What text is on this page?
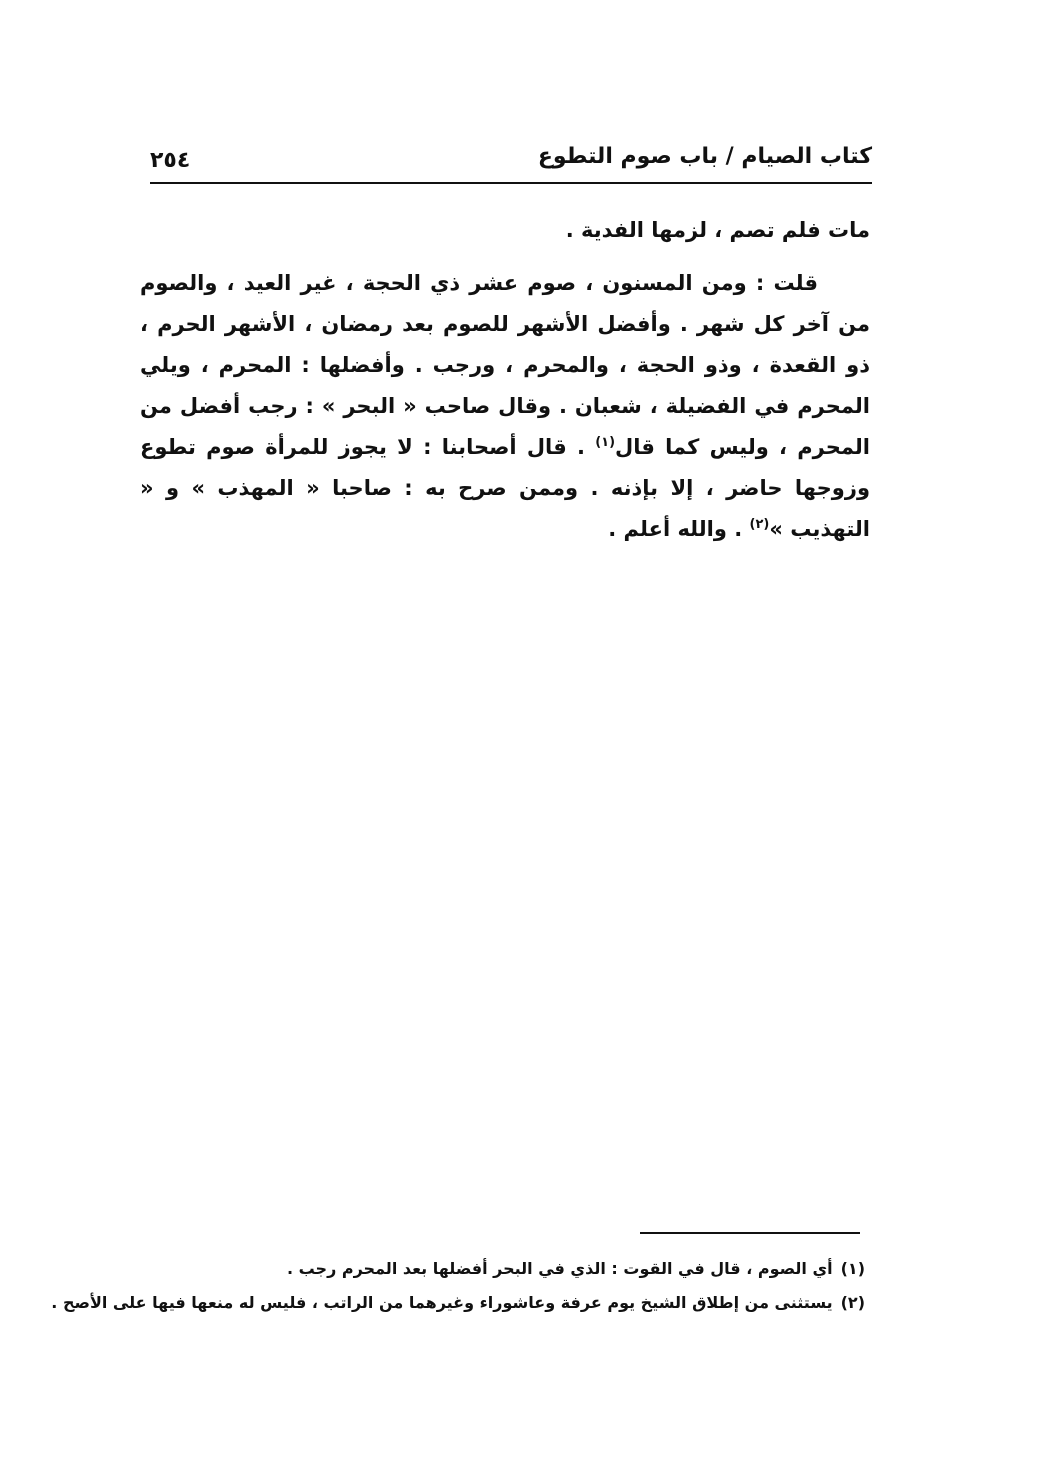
كتاب الصيام / باب صوم التطوع
٢٥٤

مات فلم تصم ، لزمها الفدية .

قلت : ومن المسنون ، صوم عشر ذي الحجة ، غير العيد ، والصوم من آخر كل شهر . وأفضل الأشهر للصوم بعد رمضان ، الأشهر الحرم ، ذو القعدة ، وذو الحجة ، والمحرم ، ورجب . وأفضلها : المحرم ، ويلي المحرم في الفضيلة ، شعبان . وقال صاحب « البحر » : رجب أفضل من المحرم ، وليس كما قال$^{(١)}$ . قال أصحابنا : لا يجوز للمرأة صوم تطوع وزوجها حاضر ، إلا بإذنه . وممن صرح به : صاحبا « المهذب » و « التهذيب »$^{(٢)}$ . والله أعلم .

(١)أي الصوم ، قال في القوت : الذي في البحر أفضلها بعد المحرم رجب .
(٢)يستثنى من إطلاق الشيخ يوم عرفة وعاشوراء وغيرهما من الراتب ، فليس له منعها فيها على الأصح .
